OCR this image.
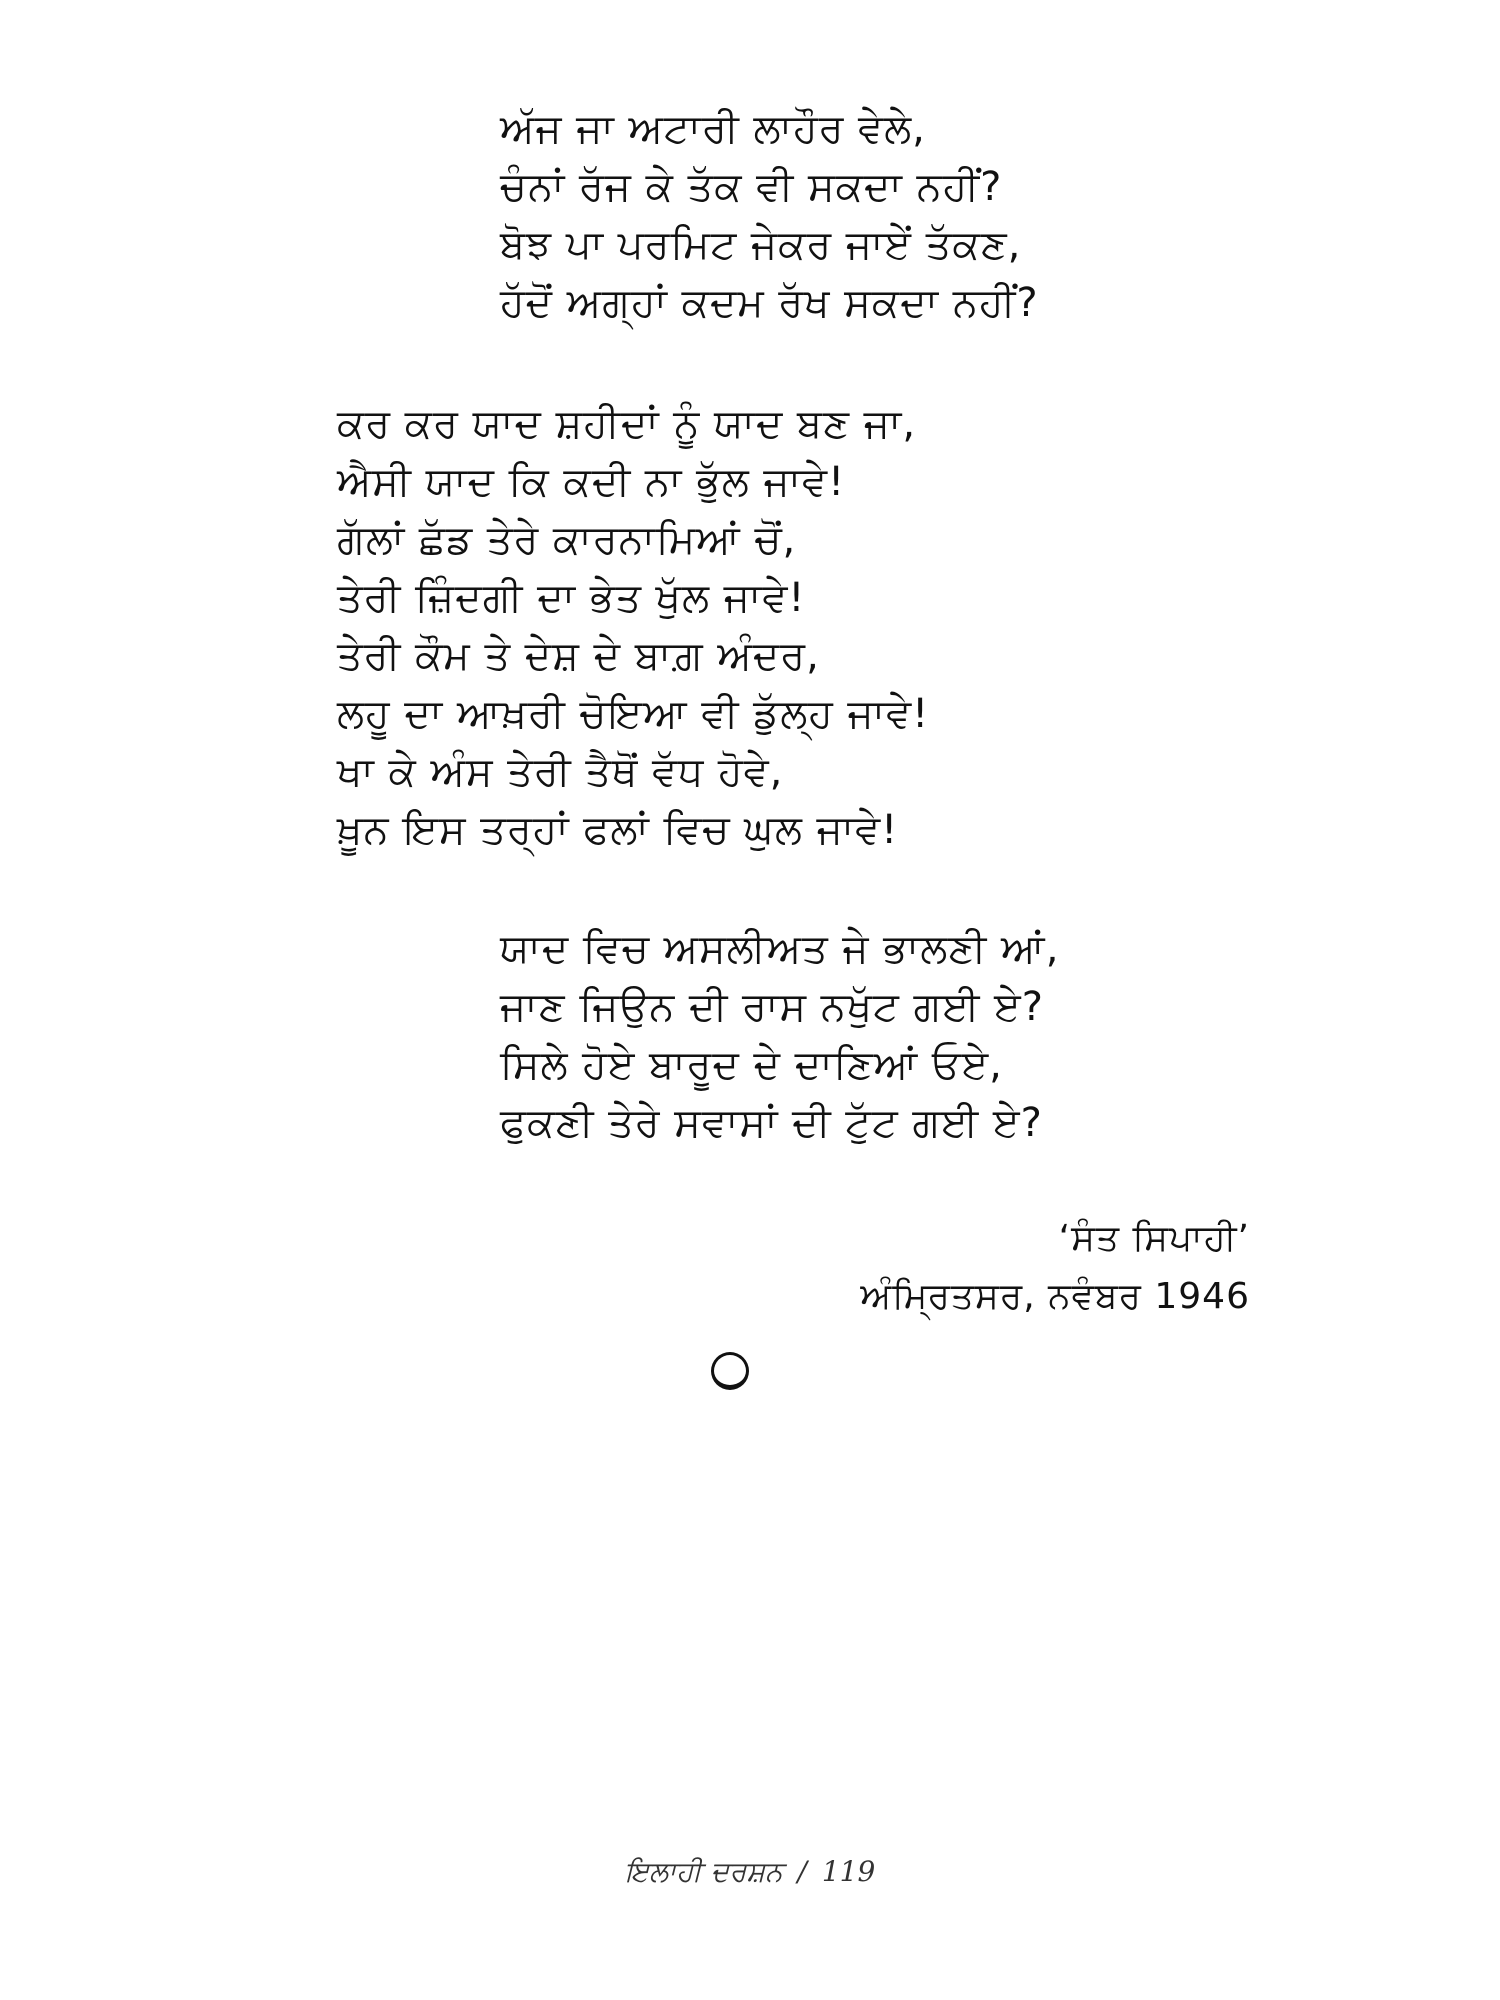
ਅੱਜ ਜਾ ਅਟਾਰੀ ਲਾਹੌਰ ਵੇਲੇ,
ਚੰਨਾਂ ਰੱਜ ਕੇ ਤੱਕ ਵੀ ਸਕਦਾ ਨਹੀਂ?
ਬੋਝ ਪਾ ਪਰਮਿਟ ਜੇਕਰ ਜਾਏਂ ਤੱਕਣ,
ਹੱਦੋਂ ਅਗ੍ਹਾਂ ਕਦਮ ਰੱਖ ਸਕਦਾ ਨਹੀਂ?
ਕਰ ਕਰ ਯਾਦ ਸ਼ਹੀਦਾਂ ਨੂੰ ਯਾਦ ਬਣ ਜਾ,
ਐਸੀ ਯਾਦ ਕਿ ਕਦੀ ਨਾ ਭੁੱਲ ਜਾਵੇ!
ਗੱਲਾਂ ਛੱਡ ਤੇਰੇ ਕਾਰਨਾਮਿਆਂ ਚੋਂ,
ਤੇਰੀ ਜ਼ਿੰਦਗੀ ਦਾ ਭੇਤ ਖੁੱਲ ਜਾਵੇ!
ਤੇਰੀ ਕੌਮ ਤੇ ਦੇਸ਼ ਦੇ ਬਾਗ਼ ਅੰਦਰ,
ਲਹੂ ਦਾ ਆਖ਼ਰੀ ਚੋਇਆ ਵੀ ਡੁੱਲ੍ਹ ਜਾਵੇ!
ਖਾ ਕੇ ਅੰਸ ਤੇਰੀ ਤੈਥੋਂ ਵੱਧ ਹੋਵੇ,
ਖ਼ੂਨ ਇਸ ਤਰ੍ਹਾਂ ਫਲਾਂ ਵਿਚ ਘੁਲ ਜਾਵੇ!
ਯਾਦ ਵਿਚ ਅਸਲੀਅਤ ਜੇ ਭਾਲਣੀ ਆਂ,
ਜਾਣ ਜਿਉਨ ਦੀ ਰਾਸ ਨਖੁੱਟ ਗਈ ਏ?
ਸਿਲੇ ਹੋਏ ਬਾਰੂਦ ਦੇ ਦਾਣਿਆਂ ਓਏ,
ਫੁਕਣੀ ਤੇਰੇ ਸਵਾਸਾਂ ਦੀ ਟੁੱਟ ਗਈ ਏ?
‘ਸੰਤ ਸਿਪਾਹੀ’
ਅੰਮ੍ਰਿਤਸਰ, ਨਵੰਬਰ 1946
ਇਲਾਹੀ ਦਰਸ਼ਨ / 119
